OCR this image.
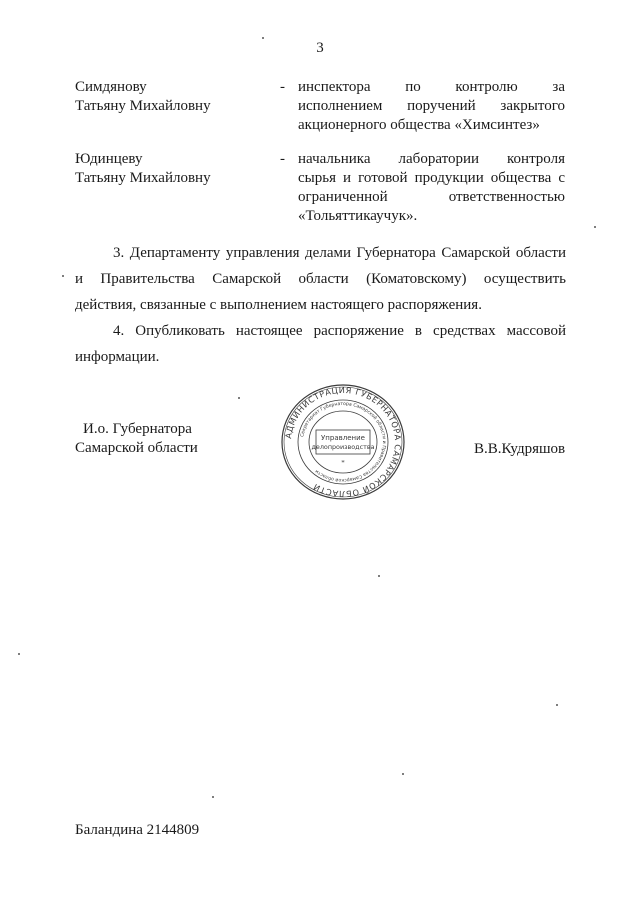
3
Симдянову
Татьяну Михайловну
- инспектора по контролю за
исполнением поручений закрытого
акционерного общества «Химсинтез»
Юдинцеву
Татьяну Михайловну
- начальника лаборатории контроля
сырья и готовой продукции общества с
ограниченной ответственностью
«Тольяттикаучук».
3. Департаменту управления делами Губернатора Самарской области
и Правительства Самарской области (Коматовскому) осуществить
действия, связанные с выполнением настоящего распоряжения.
4. Опубликовать настоящее распоряжение в средствах массовой
информации.
И.о. Губернатора
Самарской области
АДМИНИСТРАЦИЯ ГУБЕРНАТОРА САМАРСКОЙ ОБЛАСТИ
Секретариат Губернатора Самарской области и Правительства Самарской области
Управление
делопроизводства
*
В.В.Кудряшов
Баландина 2144809
